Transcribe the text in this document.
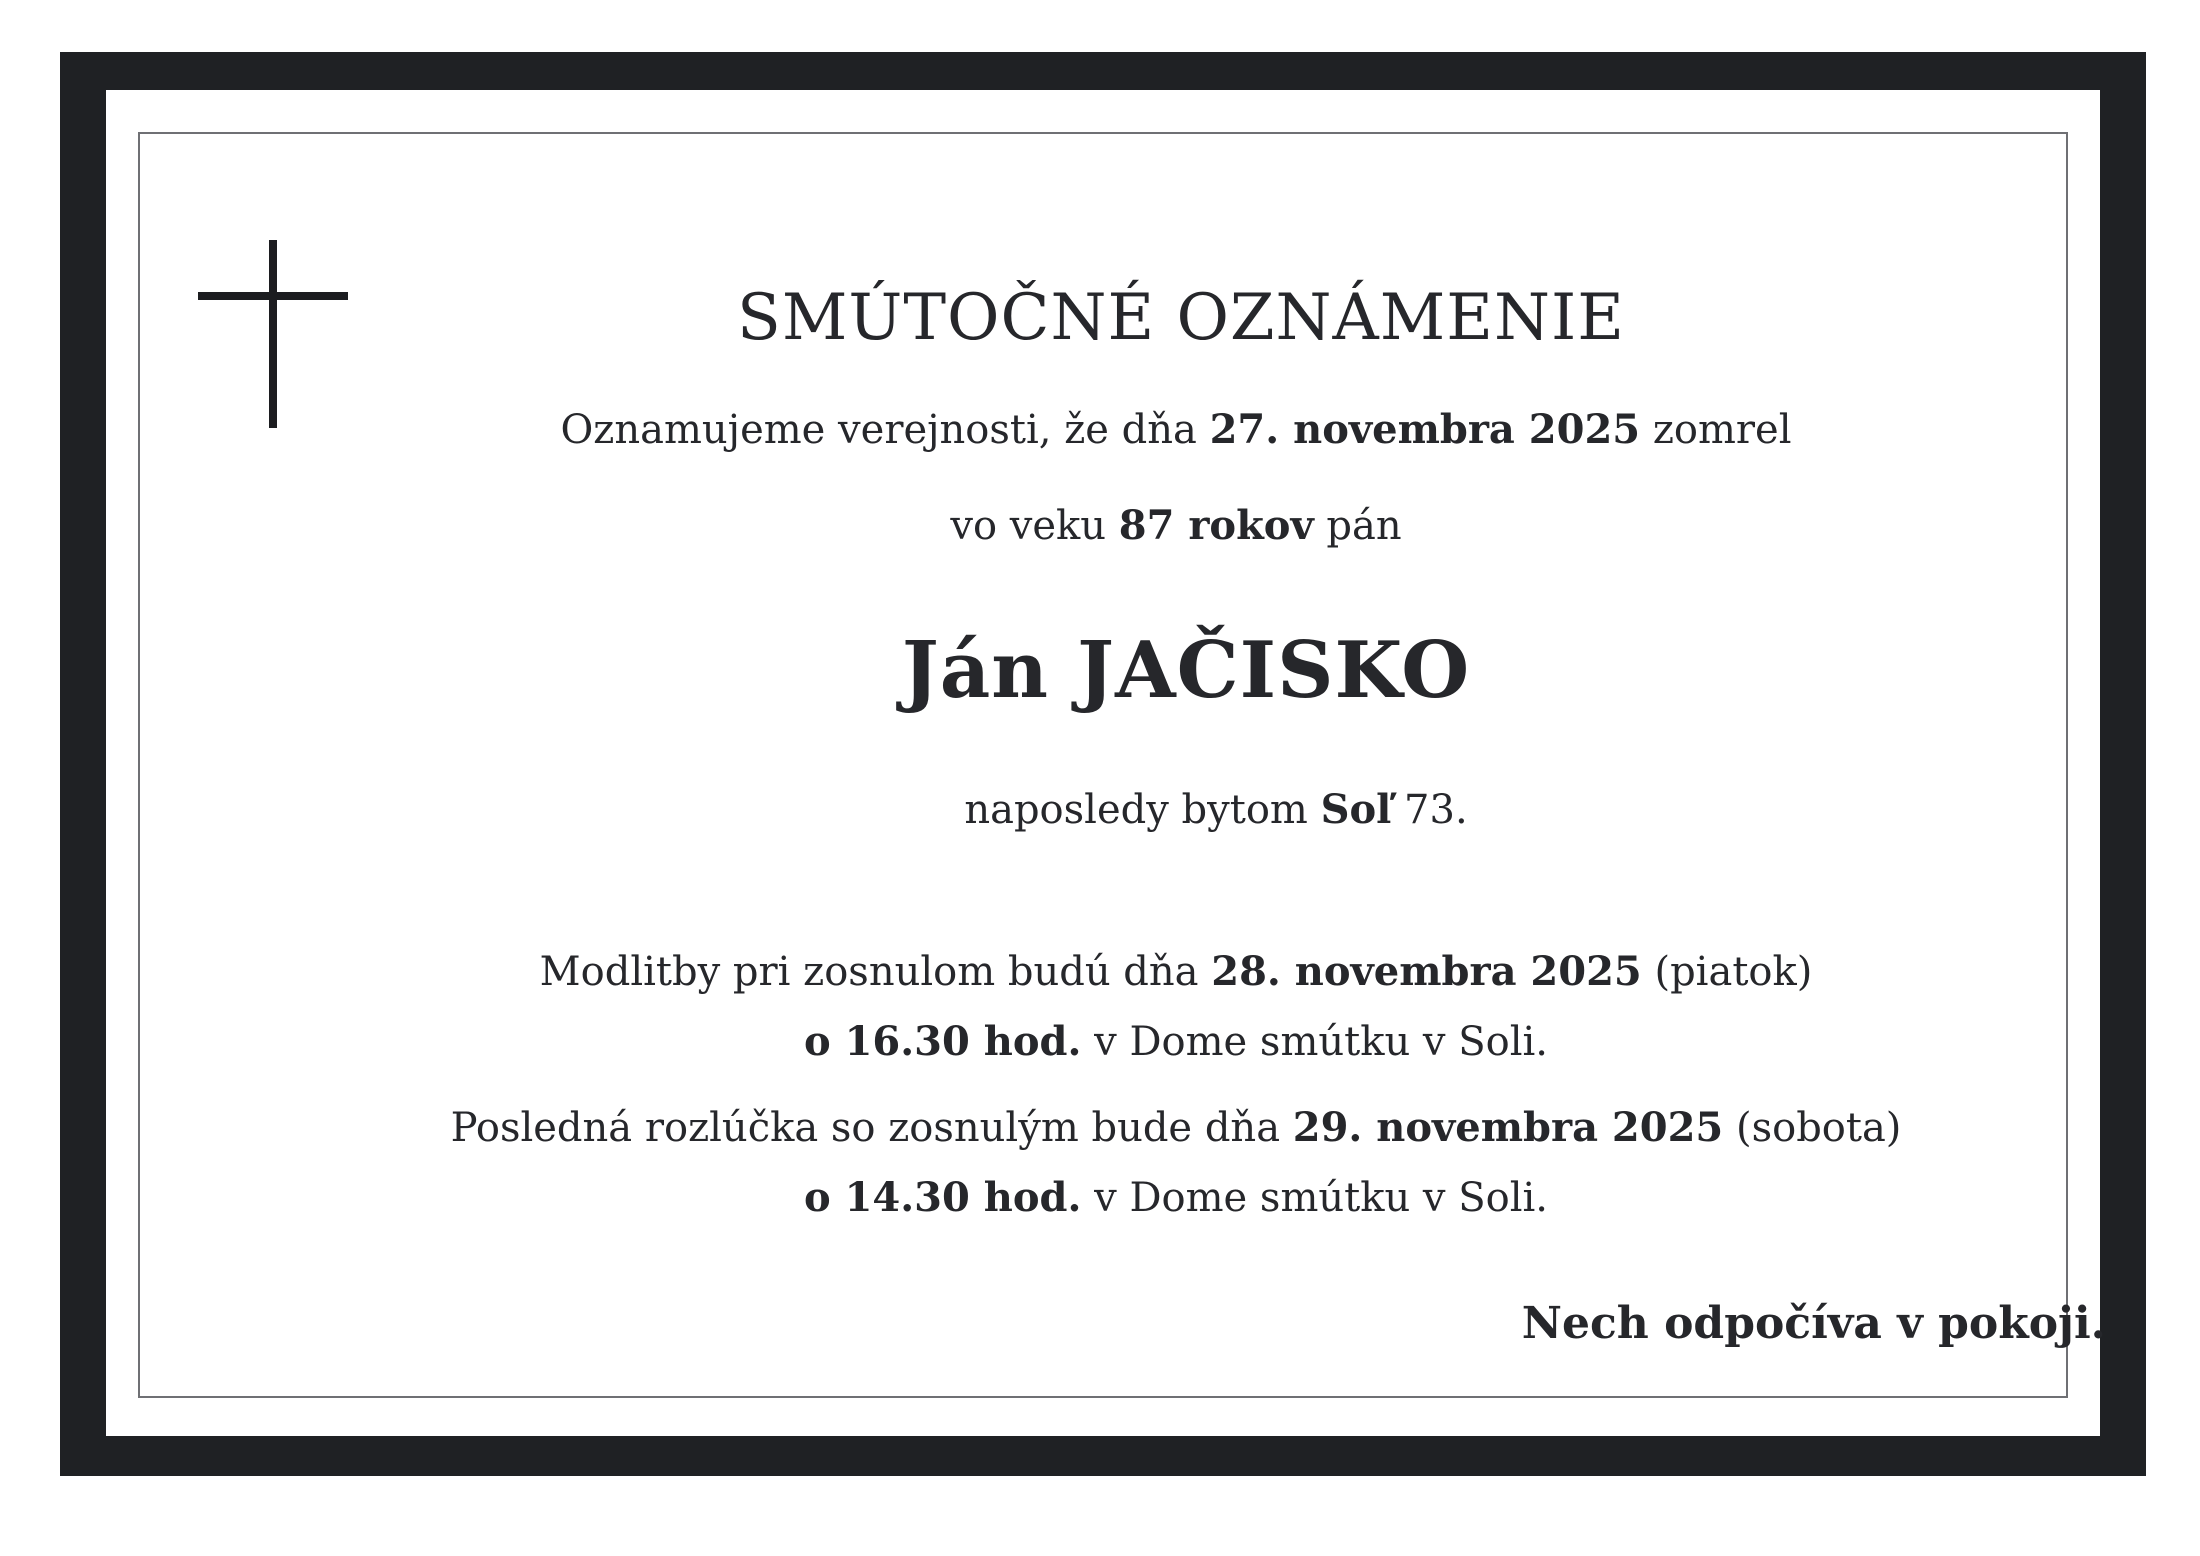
SMÚTOČNÉ OZNÁMENIE
Oznamujeme verejnosti, že dňa 27. novembra 2025 zomrel
vo veku 87 rokov pán
Ján JAČISKO
naposledy bytom Soľ 73.
Modlitby pri zosnulom budú dňa 28. novembra 2025 (piatok)
o 16.30 hod. v Dome smútku v Soli.
Posledná rozlúčka so zosnulým bude dňa 29. novembra 2025 (sobota)
o 14.30 hod. v Dome smútku v Soli.
Nech odpočíva v pokoji.
